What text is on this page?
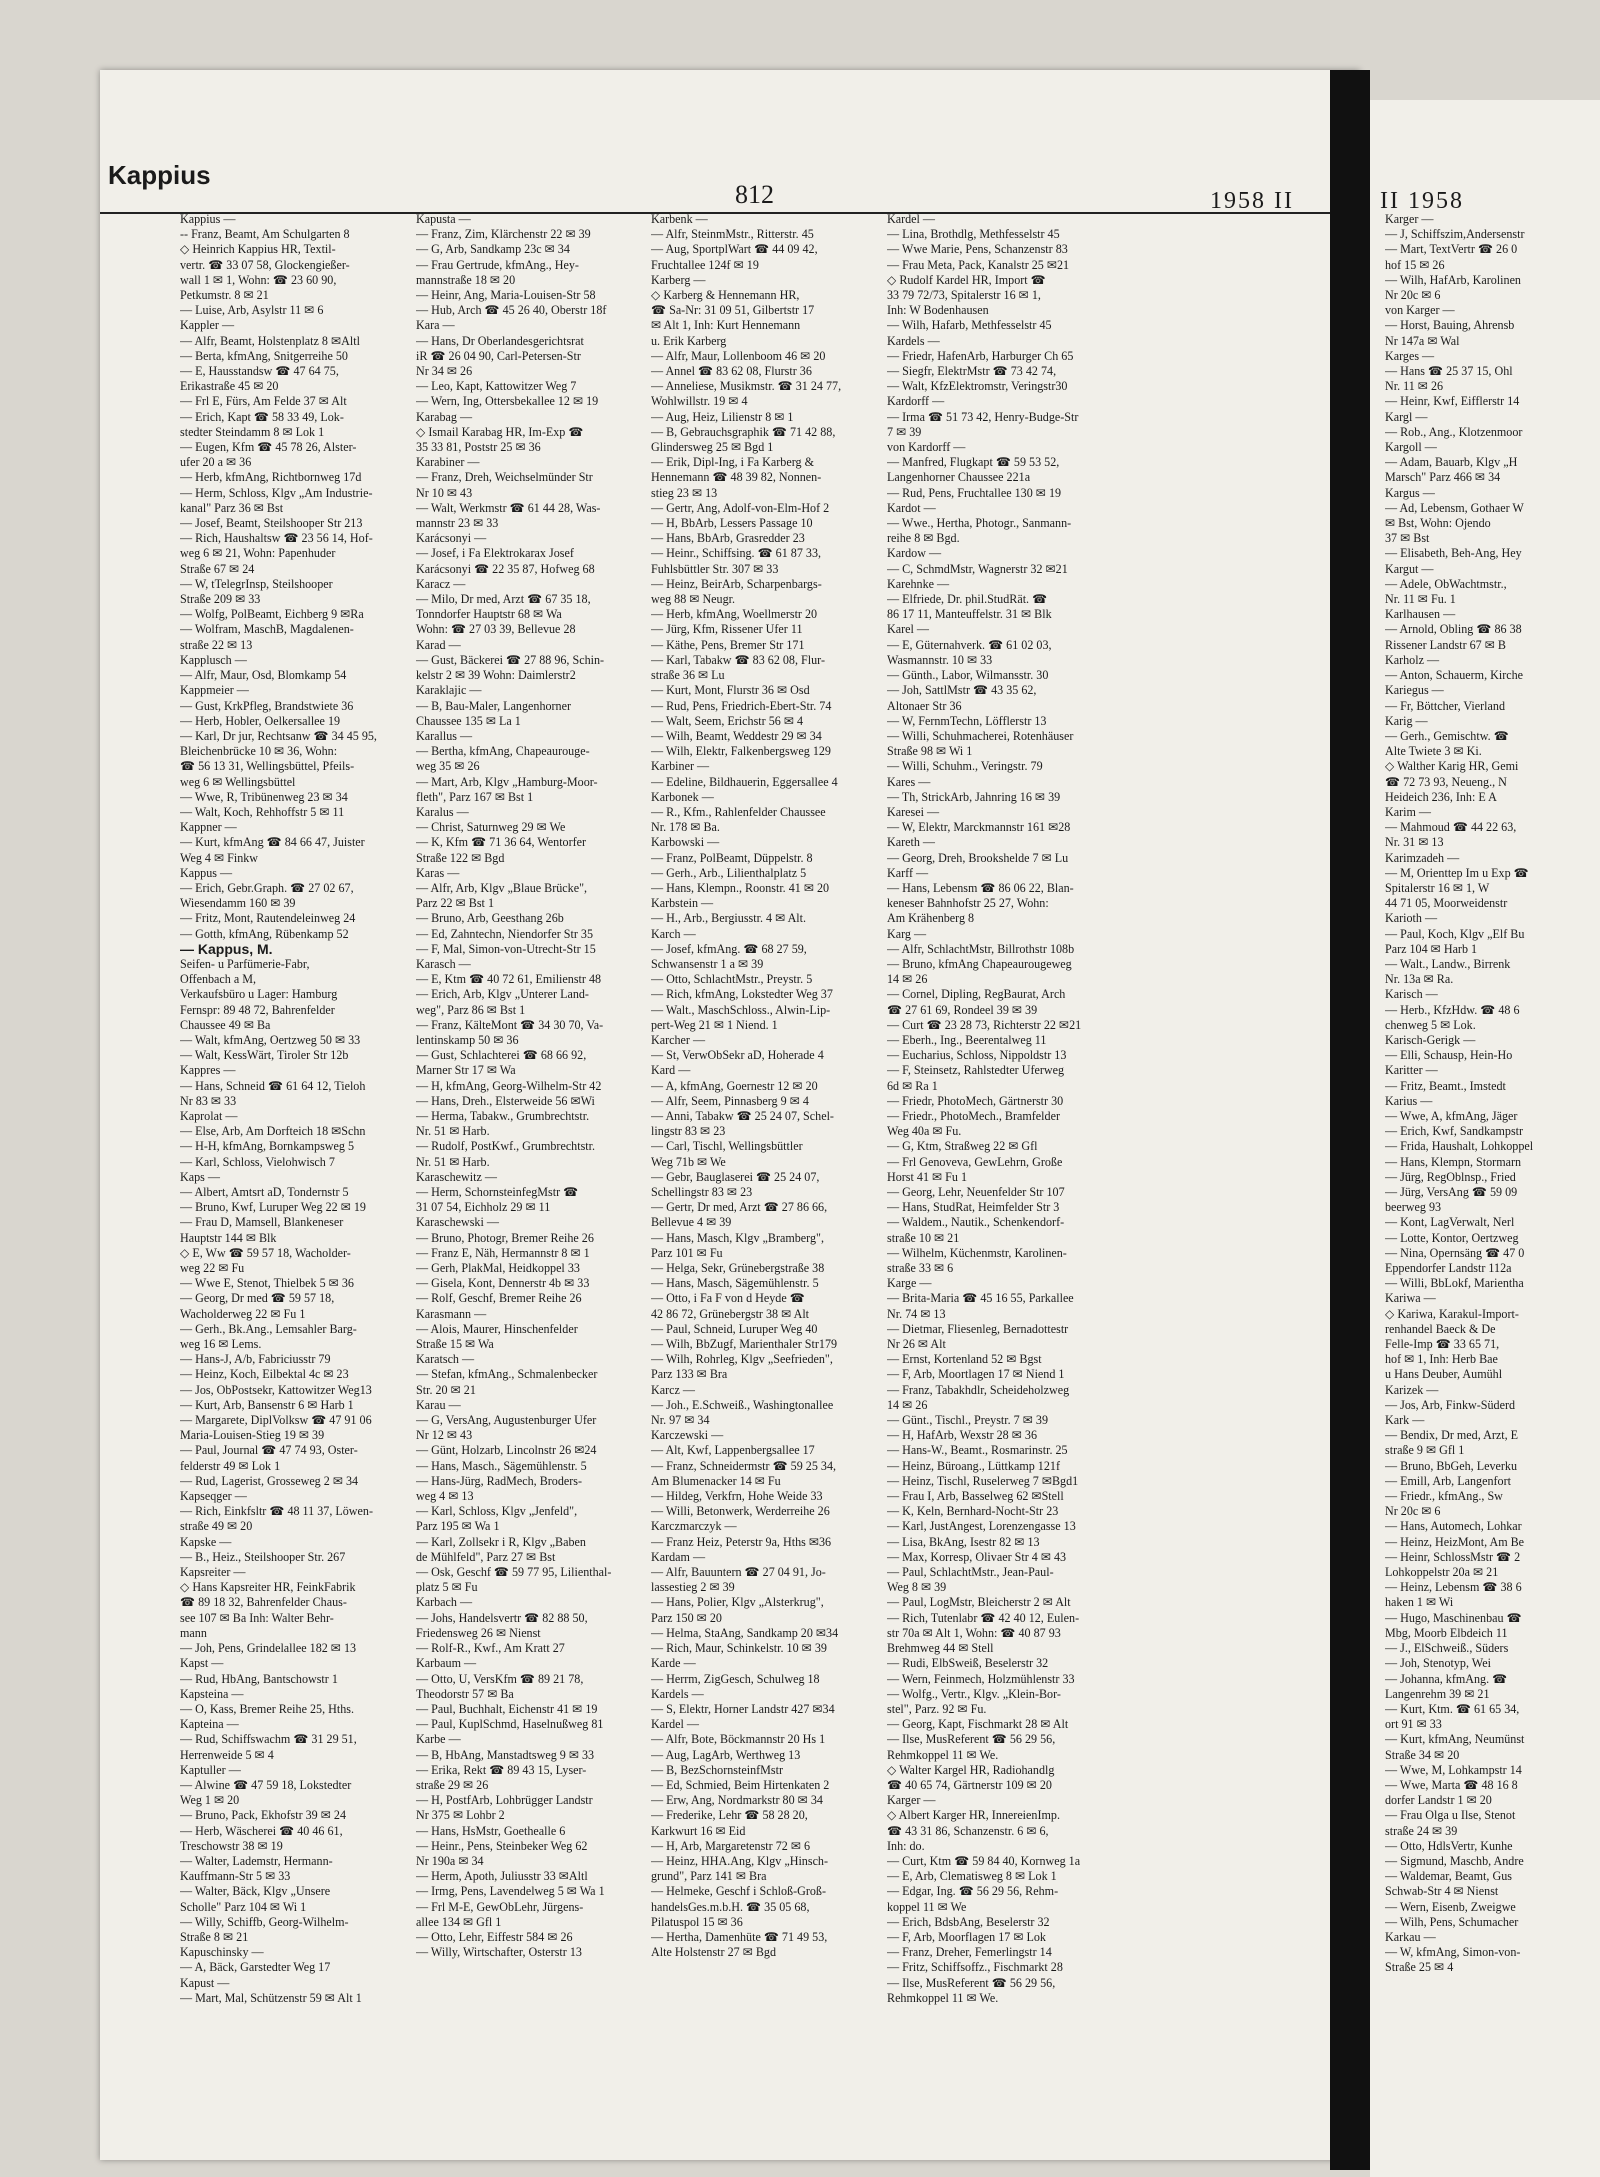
Kappius
812	1958 II	II 1958
Kappius —
-- Franz, Beamt, Am Schulgarten 8
◇ Heinrich Kappius HR, Textil-
vertr. ☎ 33 07 58, Glockengießer-
wall 1 ✉ 1, Wohn: ☎ 23 60 90,
Petkumstr. 8 ✉ 21
— Luise, Arb, Asylstr 11 ✉ 6
Kappler —
— Alfr, Beamt, Holstenplatz 8 ✉Altl
— Berta, kfmAng, Snitgerreihe 50
— E, Hausstandsw ☎ 47 64 75,
Erikastraße 45 ✉ 20
— Frl E, Fürs, Am Felde 37 ✉ Alt
— Erich, Kapt ☎ 58 33 49, Lok-
stedter Steindamm 8 ✉ Lok 1
— Eugen, Kfm ☎ 45 78 26, Alster-
ufer 20 a ✉ 36
— Herb, kfmAng, Richtbornweg 17d
— Herm, Schloss, Klgv „Am Industrie-
kanal" Parz 36 ✉ Bst
— Josef, Beamt, Steilshooper Str 213
— Rich, Haushaltsw ☎ 23 56 14, Hof-
weg 6 ✉ 21, Wohn: Papenhuder
Straße 67 ✉ 24
— W, tTelegrInsp, Steilshooper
Straße 209 ✉ 33
— Wolfg, PolBeamt, Eichberg 9 ✉Ra
— Wolfram, MaschB, Magdalenen-
straße 22 ✉ 13
Kapplusch —
— Alfr, Maur, Osd, Blomkamp 54
Kappmeier —
— Gust, KrkPfleg, Brandstwiete 36
— Herb, Hobler, Oelkersallee 19
— Karl, Dr jur, Rechtsanw ☎ 34 45 95,
Bleichenbrücke 10 ✉ 36, Wohn:
☎ 56 13 31, Wellingsbüttel, Pfeils-
weg 6 ✉ Wellingsbüttel
— Wwe, R, Tribünenweg 23 ✉ 34
— Walt, Koch, Rehhoffstr 5 ✉ 11
Kappner —
— Kurt, kfmAng ☎ 84 66 47, Juister
Weg 4 ✉ Finkw
Kappus —
— Erich, Gebr.Graph. ☎ 27 02 67,
Wiesendamm 160 ✉ 39
— Fritz, Mont, Rautendeleinweg 24
— Gotth, kfmAng, Rübenkamp 52
— Kappus, M.
Seifen- u Parfümerie-Fabr,
Offenbach a M,
Verkaufsbüro u Lager: Hamburg
Fernspr: 89 48 72, Bahrenfelder
Chaussee 49 ✉ Ba
— Walt, kfmAng, Oertzweg 50 ✉ 33
— Walt, KessWärt, Tiroler Str 12b
Kappres —
— Hans, Schneid ☎ 61 64 12, Tieloh
Nr 83 ✉ 33
Kaprolat —
— Else, Arb, Am Dorfteich 18 ✉Schn
— H-H, kfmAng, Bornkampsweg 5
— Karl, Schloss, Vielohwisch 7
Kaps —
— Albert, Amtsrt aD, Tondernstr 5
— Bruno, Kwf, Luruper Weg 22 ✉ 19
— Frau D, Mamsell, Blankeneser
Hauptstr 144 ✉ Blk
◇ E, Ww ☎ 59 57 18, Wacholder-
weg 22 ✉ Fu
— Wwe E, Stenot, Thielbek 5 ✉ 36
— Georg, Dr med ☎ 59 57 18,
Wacholderweg 22 ✉ Fu 1
— Gerh., Bk.Ang., Lemsahler Barg-
weg 16 ✉ Lems.
— Hans-J, A/b, Fabriciusstr 79
— Heinz, Koch, Eilbektal 4c ✉ 23
— Jos, ObPostsekr, Kattowitzer Weg13
— Kurt, Arb, Bansenstr 6 ✉ Harb 1
— Margarete, DiplVolksw ☎ 47 91 06
Maria-Louisen-Stieg 19 ✉ 39
— Paul, Journal ☎ 47 74 93, Oster-
felderstr 49 ✉ Lok 1
— Rud, Lagerist, Grosseweg 2 ✉ 34
Kapseqger —
— Rich, Einkfsltr ☎ 48 11 37, Löwen-
straße 49 ✉ 20
Kapske —
— B., Heiz., Steilshooper Str. 267
Kapsreiter —
◇ Hans Kapsreiter HR, FeinkFabrik
☎ 89 18 32, Bahrenfelder Chaus-
see 107 ✉ Ba Inh: Walter Behr-
mann
— Joh, Pens, Grindelallee 182 ✉ 13
Kapst —
— Rud, HbAng, Bantschowstr 1
Kapsteina —
— O, Kass, Bremer Reihe 25, Hths.
Kapteina —
— Rud, Schiffswachm ☎ 31 29 51,
Herrenweide 5 ✉ 4
Kaptuller —
— Alwine ☎ 47 59 18, Lokstedter
Weg 1 ✉ 20
— Bruno, Pack, Ekhofstr 39 ✉ 24
— Herb, Wäscherei ☎ 40 46 61,
Treschowstr 38 ✉ 19
— Walter, Lademstr, Hermann-
Kauffmann-Str 5 ✉ 33
— Walter, Bäck, Klgv „Unsere
Scholle" Parz 104 ✉ Wi 1
— Willy, Schiffb, Georg-Wilhelm-
Straße 8 ✉ 21
Kapuschinsky —
— A, Bäck, Garstedter Weg 17
Kapust —
— Mart, Mal, Schützenstr 59 ✉ Alt 1
Kapusta —
— Franz, Zim, Klärchenstr 22 ✉ 39
— G, Arb, Sandkamp 23c ✉ 34
— Frau Gertrude, kfmAng., Hey-
mannstraße 18 ✉ 20
— Heinr, Ang, Maria-Louisen-Str 58
— Hub, Arch ☎ 45 26 40, Oberstr 18f
Kara —
— Hans, Dr Oberlandesgerichtsrat
iR ☎ 26 04 90, Carl-Petersen-Str
Nr 34 ✉ 26
— Leo, Kapt, Kattowitzer Weg 7
— Wern, Ing, Ottersbekallee 12 ✉ 19
Karabag —
◇ Ismail Karabag HR, Im-Exp ☎
35 33 81, Poststr 25 ✉ 36
Karabiner —
— Franz, Dreh, Weichselmünder Str
Nr 10 ✉ 43
— Walt, Werkmstr ☎ 61 44 28, Was-
mannstr 23 ✉ 33
Karácsonyi —
— Josef, i Fa Elektrokarax Josef
Karácsonyi ☎ 22 35 87, Hofweg 68
Karacz —
— Milo, Dr med, Arzt ☎ 67 35 18,
Tonndorfer Hauptstr 68 ✉ Wa
Wohn: ☎ 27 03 39, Bellevue 28
Karad —
— Gust, Bäckerei ☎ 27 88 96, Schin-
kelstr 2 ✉ 39 Wohn: Daimlerstr2
Karaklajic —
— B, Bau-Maler, Langenhorner
Chaussee 135 ✉ La 1
Karallus —
— Bertha, kfmAng, Chapeaurouge-
weg 35 ✉ 26
— Mart, Arb, Klgv „Hamburg-Moor-
fleth", Parz 167 ✉ Bst 1
Karalus —
— Christ, Saturnweg 29 ✉ We
— K, Kfm ☎ 71 36 64, Wentorfer
Straße 122 ✉ Bgd
Karas —
— Alfr, Arb, Klgv „Blaue Brücke",
Parz 22 ✉ Bst 1
— Bruno, Arb, Geesthang 26b
— Ed, Zahntechn, Niendorfer Str 35
— F, Mal, Simon-von-Utrecht-Str 15
Karasch —
— E, Ktm ☎ 40 72 61, Emilienstr 48
— Erich, Arb, Klgv „Unterer Land-
weg", Parz 86 ✉ Bst 1
— Franz, KälteMont ☎ 34 30 70, Va-
lentinskamp 50 ✉ 36
— Gust, Schlachterei ☎ 68 66 92,
Marner Str 17 ✉ Wa
— H, kfmAng, Georg-Wilhelm-Str 42
— Hans, Dreh., Elsterweide 56 ✉Wi
— Herma, Tabakw., Grumbrechtstr.
Nr. 51 ✉ Harb.
— Rudolf, PostKwf., Grumbrechtstr.
Nr. 51 ✉ Harb.
Karaschewitz —
— Herm, SchornsteinfegMstr ☎
31 07 54, Eichholz 29 ✉ 11
Karaschewski —
— Bruno, Photogr, Bremer Reihe 26
— Franz E, Näh, Hermannstr 8 ✉ 1
— Gerh, PlakMal, Heidkoppel 33
— Gisela, Kont, Dennerstr 4b ✉ 33
— Rolf, Geschf, Bremer Reihe 26
Karasmann —
— Alois, Maurer, Hinschenfelder
Straße 15 ✉ Wa
Karatsch —
— Stefan, kfmAng., Schmalenbecker
Str. 20 ✉ 21
Karau —
— G, VersAng, Augustenburger Ufer
Nr 12 ✉ 43
— Günt, Holzarb, Lincolnstr 26 ✉24
— Hans, Masch., Sägemühlenstr. 5
— Hans-Jürg, RadMech, Broders-
weg 4 ✉ 13
— Karl, Schloss, Klgv „Jenfeld",
Parz 195 ✉ Wa 1
— Karl, Zollsekr i R, Klgv „Baben
de Mühlfeld", Parz 27 ✉ Bst
— Osk, Geschf ☎ 59 77 95, Lilienthal-
platz 5 ✉ Fu
Karbach —
— Johs, Handelsvertr ☎ 82 88 50,
Friedensweg 26 ✉ Nienst
— Rolf-R., Kwf., Am Kratt 27
Karbaum —
— Otto, U, VersKfm ☎ 89 21 78,
Theodorstr 57 ✉ Ba
— Paul, Buchhalt, Eichenstr 41 ✉ 19
— Paul, KuplSchmd, Haselnußweg 81
Karbe —
— B, HbAng, Manstadtsweg 9 ✉ 33
— Erika, Rekt ☎ 89 43 15, Lyser-
straße 29 ✉ 26
— H, PostfArb, Lohbrügger Landstr
Nr 375 ✉ Lohbr 2
— Hans, HsMstr, Goethealle 6
— Heinr., Pens, Steinbeker Weg 62
Nr 190a ✉ 34
— Herm, Apoth, Juliusstr 33 ✉Altl
— Irmg, Pens, Lavendelweg 5 ✉ Wa 1
— Frl M-E, GewObLehr, Jürgens-
allee 134 ✉ Gfl 1
— Otto, Lehr, Eiffestr 584 ✉ 26
— Willy, Wirtschafter, Osterstr 13
Karbenk —
— Alfr, SteinmMstr., Ritterstr. 45
— Aug, SportplWart ☎ 44 09 42,
Fruchtallee 124f ✉ 19
Karberg —
◇ Karberg & Hennemann HR,
☎ Sa-Nr: 31 09 51, Gilbertstr 17
✉ Alt 1, Inh: Kurt Hennemann
u. Erik Karberg
— Alfr, Maur, Lollenboom 46 ✉ 20
— Annel ☎ 83 62 08, Flurstr 36
— Anneliese, Musikmstr. ☎ 31 24 77,
Wohlwillstr. 19 ✉ 4
— Aug, Heiz, Lilienstr 8 ✉ 1
— B, Gebrauchsgraphik ☎ 71 42 88,
Glindersweg 25 ✉ Bgd 1
— Erik, Dipl-Ing, i Fa Karberg &
Hennemann ☎ 48 39 82, Nonnen-
stieg 23 ✉ 13
— Gertr, Ang, Adolf-von-Elm-Hof 2
— H, BbArb, Lessers Passage 10
— Hans, BbArb, Grasredder 23
— Heinr., Schiffsing. ☎ 61 87 33,
Fuhlsbüttler Str. 307 ✉ 33
— Heinz, BeirArb, Scharpenbargs-
weg 88 ✉ Neugr.
— Herb, kfmAng, Woellmerstr 20
— Jürg, Kfm, Rissener Ufer 11
— Käthe, Pens, Bremer Str 171
— Karl, Tabakw ☎ 83 62 08, Flur-
straße 36 ✉ Lu
— Kurt, Mont, Flurstr 36 ✉ Osd
— Rud, Pens, Friedrich-Ebert-Str. 74
— Walt, Seem, Erichstr 56 ✉ 4
— Wilh, Beamt, Weddestr 29 ✉ 34
— Wilh, Elektr, Falkenbergsweg 129
Karbiner —
— Edeline, Bildhauerin, Eggersallee 4
Karbonek —
— R., Kfm., Rahlenfelder Chaussee
Nr. 178 ✉ Ba.
Karbowski —
— Franz, PolBeamt, Düppelstr. 8
— Gerh., Arb., Lilienthalplatz 5
— Hans, Klempn., Roonstr. 41 ✉ 20
Karbstein —
— H., Arb., Bergiusstr. 4 ✉ Alt.
Karch —
— Josef, kfmAng. ☎ 68 27 59,
Schwansenstr 1 a ✉ 39
— Otto, SchlachtMstr., Preystr. 5
— Rich, kfmAng, Lokstedter Weg 37
— Walt., MaschSchloss., Alwin-Lip-
pert-Weg 21 ✉ 1 Niend. 1
Karcher —
— St, VerwObSekr aD, Hoherade 4
Kard —
— A, kfmAng, Goernestr 12 ✉ 20
— Alfr, Seem, Pinnasberg 9 ✉ 4
— Anni, Tabakw ☎ 25 24 07, Schel-
lingstr 83 ✉ 23
— Carl, Tischl, Wellingsbüttler
Weg 71b ✉ We
— Gebr, Bauglaserei ☎ 25 24 07,
Schellingstr 83 ✉ 23
— Gertr, Dr med, Arzt ☎ 27 86 66,
Bellevue 4 ✉ 39
— Hans, Masch, Klgv „Bramberg",
Parz 101 ✉ Fu
— Helga, Sekr, Grünebergstraße 38
— Hans, Masch, Sägemühlenstr. 5
— Otto, i Fa F von d Heyde ☎
42 86 72, Grünebergstr 38 ✉ Alt
— Paul, Schneid, Luruper Weg 40
— Wilh, BbZugf, Marienthaler Str179
— Wilh, Rohrleg, Klgv „Seefrieden",
Parz 133 ✉ Bra
Karcz —
— Joh., E.Schweiß., Washingtonallee
Nr. 97 ✉ 34
Karczewski —
— Alt, Kwf, Lappenbergsallee 17
— Franz, Schneidermstr ☎ 59 25 34,
Am Blumenacker 14 ✉ Fu
— Hildeg, Verkfrn, Hohe Weide 33
— Willi, Betonwerk, Werderreihe 26
Karczmarczyk —
— Franz Heiz, Peterstr 9a, Hths ✉36
Kardam —
— Alfr, Bauuntern ☎ 27 04 91, Jo-
lassestieg 2 ✉ 39
— Hans, Polier, Klgv „Alsterkrug",
Parz 150 ✉ 20
— Helma, StaAng, Sandkamp 20 ✉34
— Rich, Maur, Schinkelstr. 10 ✉ 39
Karde —
— Herrm, ZigGesch, Schulweg 18
Kardels —
— S, Elektr, Horner Landstr 427 ✉34
Kardel —
— Alfr, Bote, Böckmannstr 20 Hs 1
— Aug, LagArb, Werthweg 13
— B, BezSchornsteinfMstr
— Ed, Schmied, Beim Hirtenkaten 2
— Erw, Ang, Nordmarkstr 80 ✉ 34
— Frederike, Lehr ☎ 58 28 20,
Karkwurt 16 ✉ Eid
— H, Arb, Margaretenstr 72 ✉ 6
— Heinz, HHA.Ang, Klgv „Hinsch-
grund", Parz 141 ✉ Bra
— Helmeke, Geschf i Schloß-Groß-
handelsGes.m.b.H. ☎ 35 05 68,
Pilatuspol 15 ✉ 36
— Hertha, Damenhüte ☎ 71 49 53,
Alte Holstenstr 27 ✉ Bgd
Kardel —
— Lina, Brothdlg, Methfesselstr 45
— Wwe Marie, Pens, Schanzenstr 83
— Frau Meta, Pack, Kanalstr 25 ✉21
◇ Rudolf Kardel HR, Import ☎
33 79 72/73, Spitalerstr 16 ✉ 1,
Inh: W Bodenhausen
— Wilh, Hafarb, Methfesselstr 45
Kardels —
— Friedr, HafenArb, Harburger Ch 65
— Siegfr, ElektrMstr ☎ 73 42 74,
— Walt, KfzElektromstr, Veringstr30
Kardorff —
— Irma ☎ 51 73 42, Henry-Budge-Str
7 ✉ 39
von Kardorff —
— Manfred, Flugkapt ☎ 59 53 52,
Langenhorner Chaussee 221a
— Rud, Pens, Fruchtallee 130 ✉ 19
Kardot —
— Wwe., Hertha, Photogr., Sanmann-
reihe 8 ✉ Bgd.
Kardow —
— C, SchmdMstr, Wagnerstr 32 ✉21
Karehnke —
— Elfriede, Dr. phil.StudRät. ☎
86 17 11, Manteuffelstr. 31 ✉ Blk
Karel —
— E, Güternahverk. ☎ 61 02 03,
Wasmannstr. 10 ✉ 33
— Günth., Labor, Wilmansstr. 30
— Joh, SattlMstr ☎ 43 35 62,
Altonaer Str 36
— W, FernmTechn, Löfflerstr 13
— Willi, Schuhmacherei, Rotenhäuser
Straße 98 ✉ Wi 1
— Willi, Schuhm., Veringstr. 79
Kares —
— Th, StrickArb, Jahnring 16 ✉ 39
Karesei —
— W, Elektr, Marckmannstr 161 ✉28
Kareth —
— Georg, Dreh, Brookshelde 7 ✉ Lu
Karff —
— Hans, Lebensm ☎ 86 06 22, Blan-
keneser Bahnhofstr 25 27, Wohn:
Am Krähenberg 8
Karg —
— Alfr, SchlachtMstr, Billrothstr 108b
— Bruno, kfmAng Chapeaurougeweg
14 ✉ 26
— Cornel, Dipling, RegBaurat, Arch
☎ 27 61 69, Rondeel 39 ✉ 39
— Curt ☎ 23 28 73, Richterstr 22 ✉21
— Eberh., Ing., Beerentalweg 11
— Eucharius, Schloss, Nippoldstr 13
— F, Steinsetz, Rahlstedter Uferweg
6d ✉ Ra 1
— Friedr, PhotoMech, Gärtnerstr 30
— Friedr., PhotoMech., Bramfelder
Weg 40a ✉ Fu.
— G, Ktm, Straßweg 22 ✉ Gfl
— Frl Genoveva, GewLehrn, Große
Horst 41 ✉ Fu 1
— Georg, Lehr, Neuenfelder Str 107
— Hans, StudRat, Heimfelder Str 3
— Waldem., Nautik., Schenkendorf-
straße 10 ✉ 21
— Wilhelm, Küchenmstr, Karolinen-
straße 33 ✉ 6
Karge —
— Brita-Maria ☎ 45 16 55, Parkallee
Nr. 74 ✉ 13
— Dietmar, Fliesenleg, Bernadottestr
Nr 26 ✉ Alt
— Ernst, Kortenland 52 ✉ Bgst
— F, Arb, Moortlagen 17 ✉ Niend 1
— Franz, Tabakhdlr, Scheideholzweg
14 ✉ 26
— Günt., Tischl., Preystr. 7 ✉ 39
— H, HafArb, Wexstr 28 ✉ 36
— Hans-W., Beamt., Rosmarinstr. 25
— Heinz, Büroang., Lüttkamp 121f
— Heinz, Tischl, Ruselerweg 7 ✉Bgd1
— Frau I, Arb, Basselweg 62 ✉Stell
— K, Keln, Bernhard-Nocht-Str 23
— Karl, JustAngest, Lorenzengasse 13
— Lisa, BkAng, Isestr 82 ✉ 13
— Max, Korresp, Olivaer Str 4 ✉ 43
— Paul, SchlachtMstr., Jean-Paul-
Weg 8 ✉ 39
— Paul, LogMstr, Bleicherstr 2 ✉ Alt
— Rich, Tutenlabr ☎ 42 40 12, Eulen-
str 70a ✉ Alt 1, Wohn: ☎ 40 87 93
Brehmweg 44 ✉ Stell
— Rudi, ElbSweiß, Beselerstr 32
— Wern, Feinmech, Holzmühlenstr 33
— Wolfg., Vertr., Klgv. „Klein-Bor-
stel", Parz. 92 ✉ Fu.
— Georg, Kapt, Fischmarkt 28 ✉ Alt
— Ilse, MusReferent ☎ 56 29 56,
Rehmkoppel 11 ✉ We.
◇ Walter Kargel HR, Radiohandlg
☎ 40 65 74, Gärtnerstr 109 ✉ 20
Karger —
◇ Albert Karger HR, InnereienImp.
☎ 43 31 86, Schanzenstr. 6 ✉ 6,
Inh: do.
— Curt, Ktm ☎ 59 84 40, Kornweg 1a
— E, Arb, Clematisweg 8 ✉ Lok 1
— Edgar, Ing. ☎ 56 29 56, Rehm-
koppel 11 ✉ We
— Erich, BdsbAng, Beselerstr 32
— F, Arb, Moorflagen 17 ✉ Lok
— Franz, Dreher, Femerlingstr 14
— Fritz, Schiffsoffz., Fischmarkt 28
— Ilse, MusReferent ☎ 56 29 56,
Rehmkoppel 11 ✉ We.
Karger —
— J, Schiffszim,Andersenstr
— Mart, TextVertr ☎ 26 0
hof 15 ✉ 26
— Wilh, HafArb, Karolinen
Nr 20c ✉ 6
von Karger —
— Horst, Bauing, Ahrensb
Nr 147a ✉ Wal
Karges —
— Hans ☎ 25 37 15, Ohl
Nr. 11 ✉ 26
— Heinr, Kwf, Eifflerstr 14
Kargl —
— Rob., Ang., Klotzenmoor
Kargoll —
— Adam, Bauarb, Klgv „H
Marsch" Parz 466 ✉ 34
Kargus —
— Ad, Lebensm, Gothaer W
✉ Bst, Wohn: Ojendo
37 ✉ Bst
— Elisabeth, Beh-Ang, Hey
Kargut —
— Adele, ObWachtmstr.,
Nr. 11 ✉ Fu. 1
Karlhausen —
— Arnold, Obling ☎ 86 38
Rissener Landstr 67 ✉ B
Karholz —
— Anton, Schauerm, Kirche
Kariegus —
— Fr, Böttcher, Vierland
Karig —
— Gerh., Gemischtw. ☎
Alte Twiete 3 ✉ Ki.
◇ Walther Karig HR, Gemi
☎ 72 73 93, Neueng., N
Heideich 236, Inh: E A
Karim —
— Mahmoud ☎ 44 22 63,
Nr. 31 ✉ 13
Karimzadeh —
— M, Orienttep Im u Exp ☎
Spitalerstr 16 ✉ 1, W
44 71 05, Moorweidenstr
Karioth —
— Paul, Koch, Klgv „Elf Bu
Parz 104 ✉ Harb 1
— Walt., Landw., Birrenk
Nr. 13a ✉ Ra.
Karisch —
— Herb., KfzHdw. ☎ 48 6
chenweg 5 ✉ Lok.
Karisch-Gerigk —
— Elli, Schausp, Hein-Ho
Karitter —
— Fritz, Beamt., Imstedt
Karius —
— Wwe, A, kfmAng, Jäger
— Erich, Kwf, Sandkampstr
— Frida, Haushalt, Lohkoppel
— Hans, Klempn, Stormarn
— Jürg, RegOblnsp., Fried
— Jürg, VersAng ☎ 59 09
beerweg 93
— Kont, LagVerwalt, Nerl
— Lotte, Kontor, Oertzweg
— Nina, Opernsäng ☎ 47 0
Eppendorfer Landstr 112a
— Willi, BbLokf, Marientha
Kariwa —
◇ Kariwa, Karakul-Import-
renhandel Baeck & De
Felle-Imp ☎ 33 65 71,
hof ✉ 1, Inh: Herb Bae
u Hans Deuber, Aumühl
Karizek —
— Jos, Arb, Finkw-Süderd
Kark —
— Bendix, Dr med, Arzt, E
straße 9 ✉ Gfl 1
— Bruno, BbGeh, Leverku
— Emill, Arb, Langenfort
— Friedr., kfmAng., Sw
Nr 20c ✉ 6
— Hans, Automech, Lohkar
— Heinz, HeizMont, Am Be
— Heinr, SchlossMstr ☎ 2
Lohkoppelstr 20a ✉ 21
— Heinz, Lebensm ☎ 38 6
haken 1 ✉ Wi
— Hugo, Maschinenbau ☎
Mbg, Moorb Elbdeich 11
— J., ElSchweiß., Süders
— Joh, Stenotyp, Wei
— Johanna, kfmAng. ☎
Langenrehm 39 ✉ 21
— Kurt, Ktm. ☎ 61 65 34,
ort 91 ✉ 33
— Kurt, kfmAng, Neumünst
Straße 34 ✉ 20
— Wwe, M, Lohkampstr 14
— Wwe, Marta ☎ 48 16 8
dorfer Landstr 1 ✉ 20
— Frau Olga u Ilse, Stenot
straße 24 ✉ 39
— Otto, HdlsVertr, Kunhe
— Sigmund, Maschb, Andre
— Waldemar, Beamt, Gus
Schwab-Str 4 ✉ Nienst
— Wern, Eisenb, Zweigwe
— Wilh, Pens, Schumacher
Karkau —
— W, kfmAng, Simon-von-
Straße 25 ✉ 4
